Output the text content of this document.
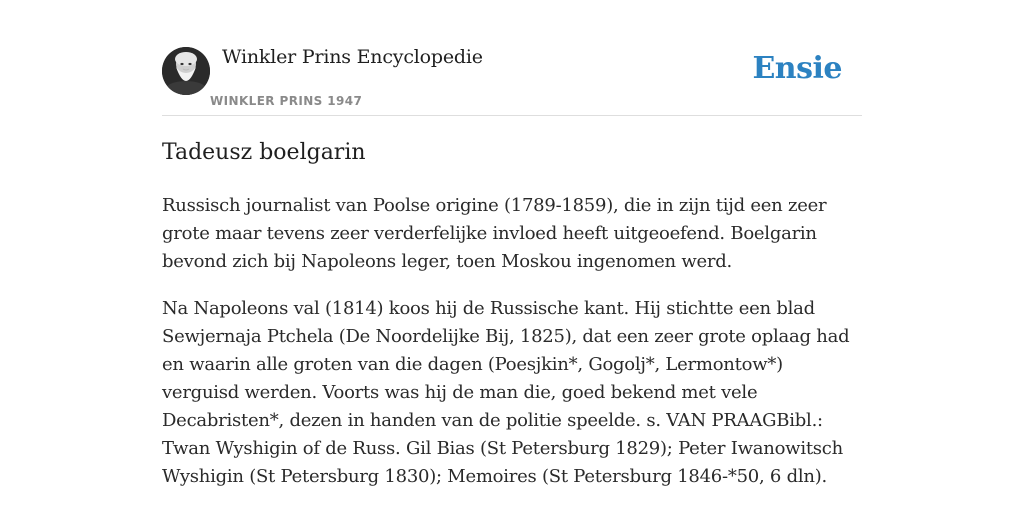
Winkler Prins Encyclopedie
WINKLER PRINS 1947
Ensie
Tadeusz boelgarin

Russisch journalist van Poolse origine (1789-1859), die in zijn tijd een zeer grote maar tevens zeer verderfelijke invloed heeft uitgeoefend. Boelgarin bevond zich bij Napoleons leger, toen Moskou ingenomen werd.

Na Napoleons val (1814) koos hij de Russische kant. Hij stichtte een blad Sewjernaja Ptchela (De Noordelijke Bij, 1825), dat een zeer grote oplaag had en waarin alle groten van die dagen (Poesjkin*, Gogolj*, Lermontow*) verguisd werden. Voorts was hij de man die, goed bekend met vele Decabristen*, dezen in handen van de politie speelde. s. VAN PRAAGBibl.: Twan Wyshigin of de Russ. Gil Bias (St Petersburg 1829); Peter Iwanowitsch Wyshigin (St Petersburg 1830); Memoires (St Petersburg 1846-*50, 6 dln).
